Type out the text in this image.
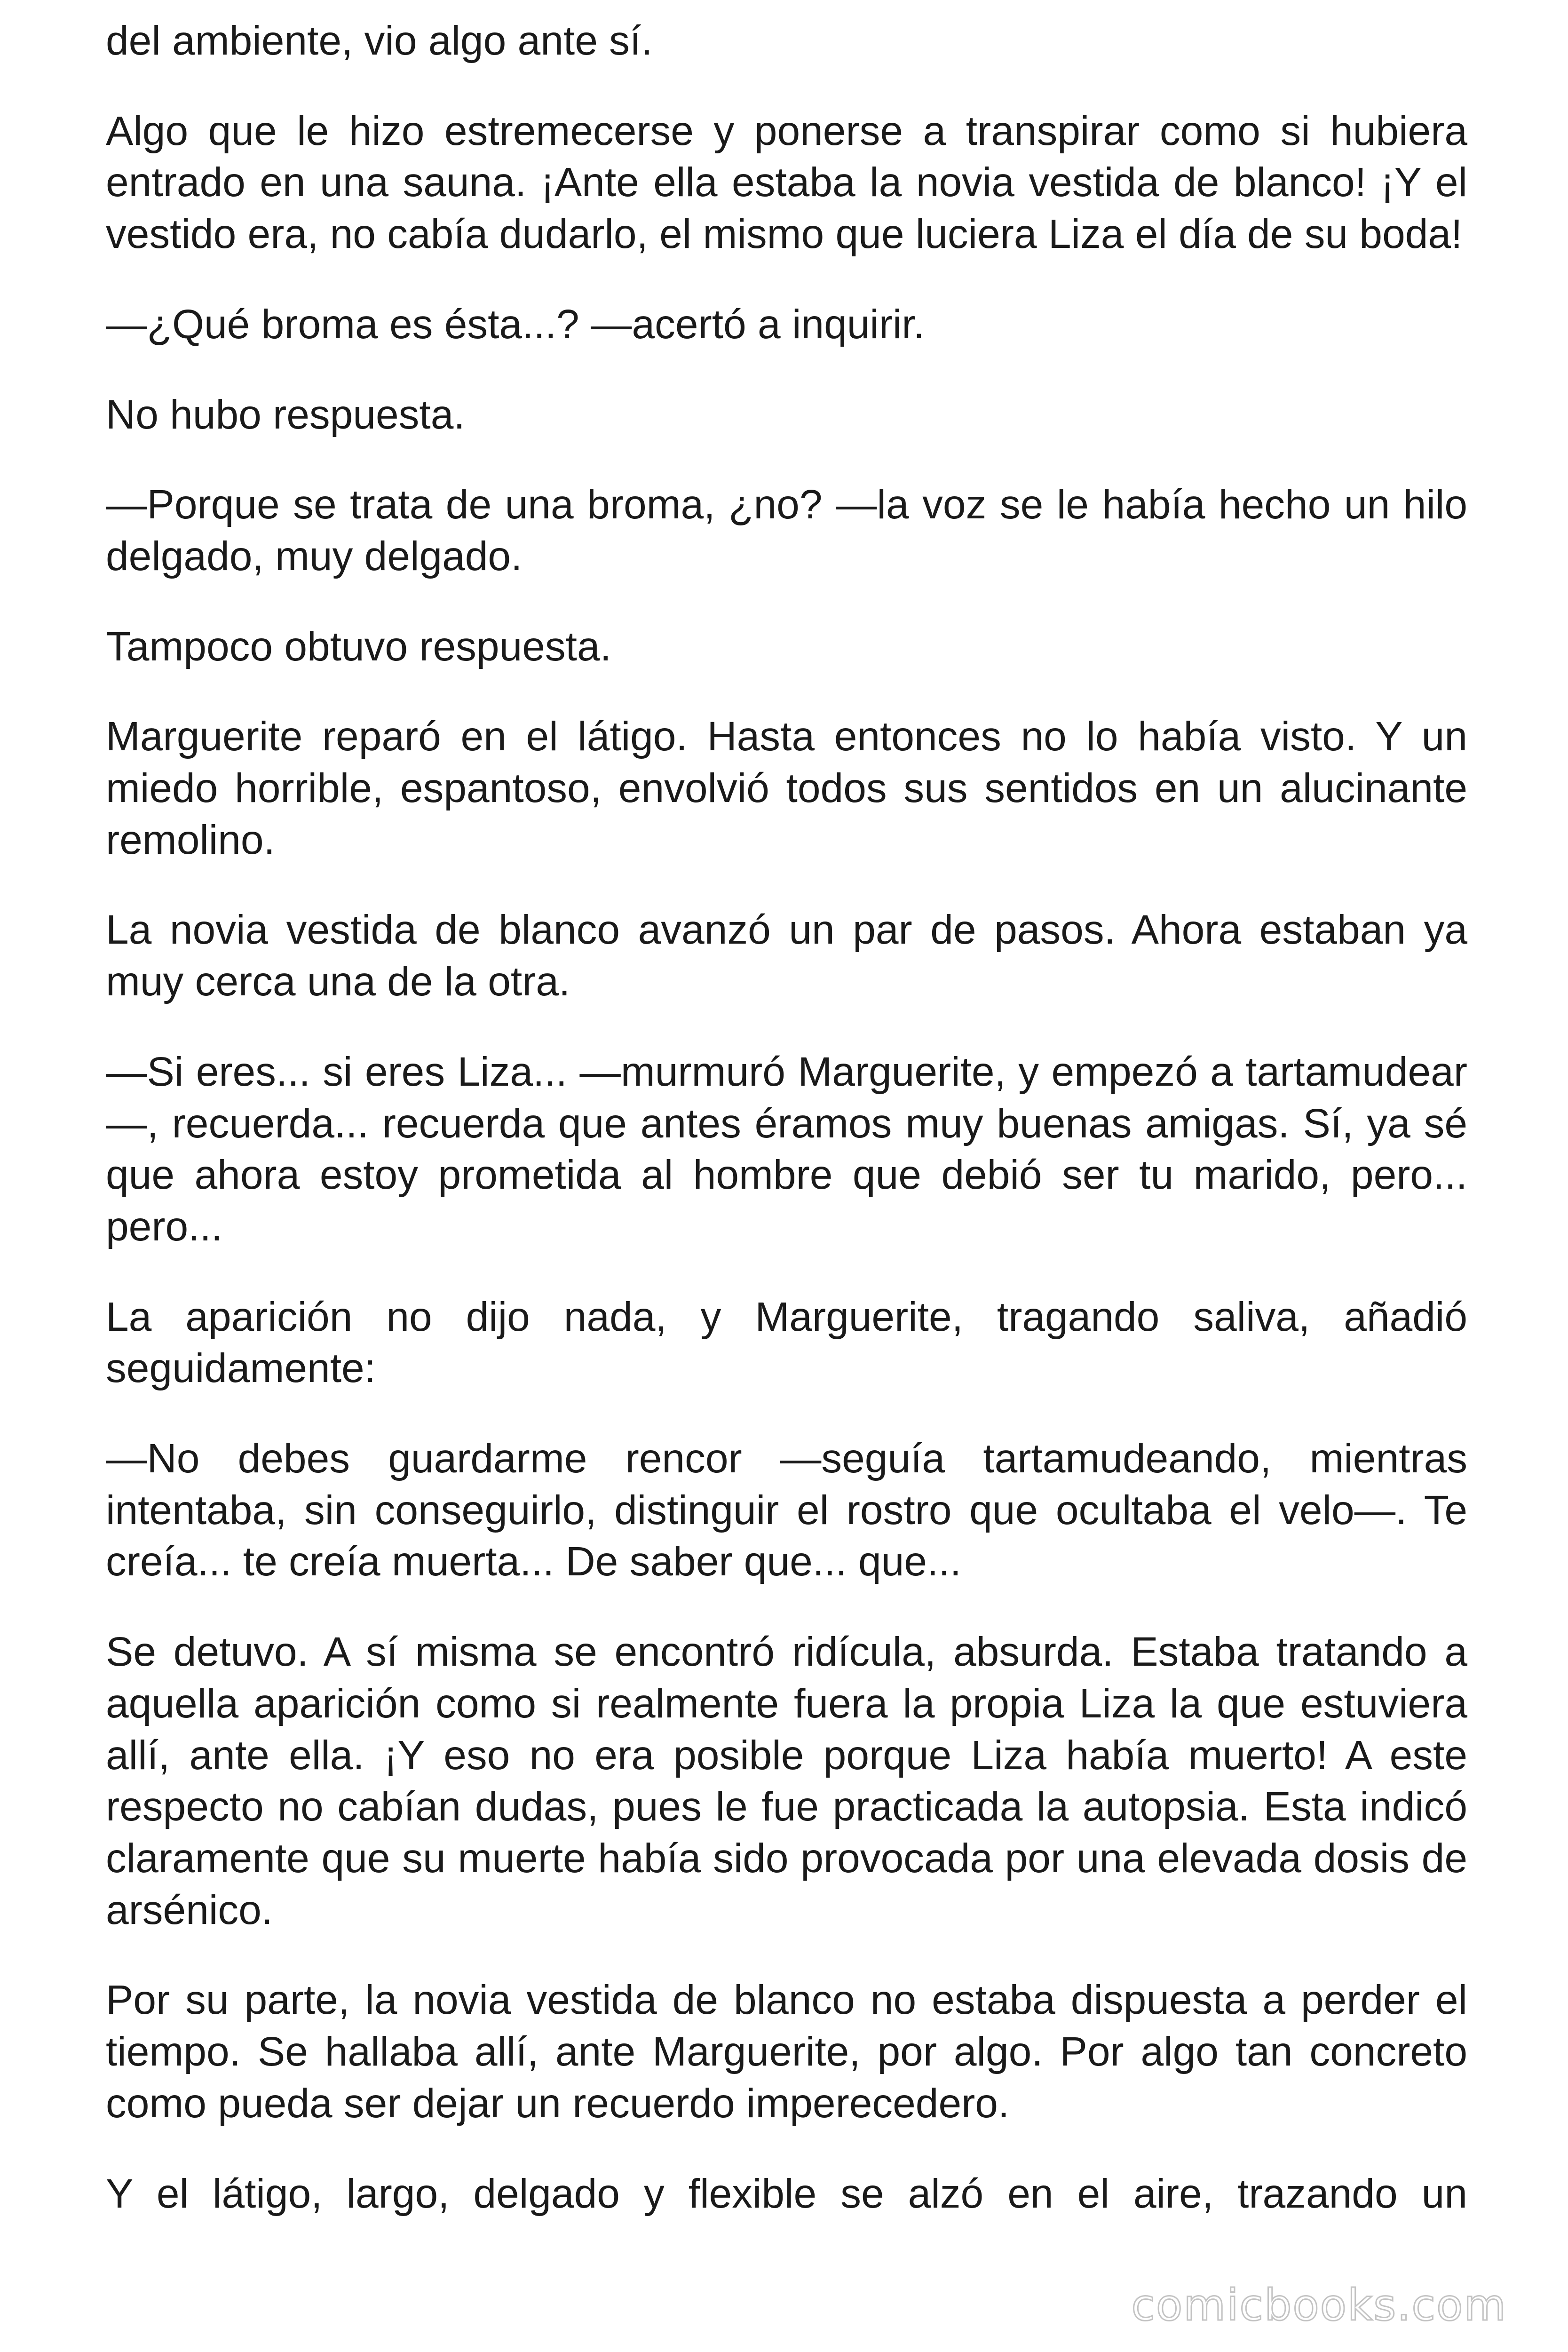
del ambiente, vio algo ante sí.

Algo que le hizo estremecerse y ponerse a transpirar como si hubiera entrado en una sauna. ¡Ante ella estaba la novia vestida de blanco! ¡Y el vestido era, no cabía dudarlo, el mismo que luciera Liza el día de su boda!

—¿Qué broma es ésta...? —acertó a inquirir.

No hubo respuesta.

—Porque se trata de una broma, ¿no? —la voz se le había hecho un hilo delgado, muy delgado.

Tampoco obtuvo respuesta.

Marguerite reparó en el látigo. Hasta entonces no lo había visto. Y un miedo horrible, espantoso, envolvió todos sus sentidos en un alucinante remolino.

La novia vestida de blanco avanzó un par de pasos. Ahora estaban ya muy cerca una de la otra.

—Si eres... si eres Liza... —murmuró Marguerite, y empezó a tartamudear—, recuerda... recuerda que antes éramos muy buenas amigas. Sí, ya sé que ahora estoy prometida al hombre que debió ser tu marido, pero... pero...

La aparición no dijo nada, y Marguerite, tragando saliva, añadió seguidamente:

—No debes guardarme rencor —seguía tartamudeando, mientras intentaba, sin conseguirlo, distinguir el rostro que ocultaba el velo—. Te creía... te creía muerta... De saber que... que...

Se detuvo. A sí misma se encontró ridícula, absurda. Estaba tratando a aquella aparición como si realmente fuera la propia Liza la que estuviera allí, ante ella. ¡Y eso no era posible porque Liza había muerto! A este respecto no cabían dudas, pues le fue practicada la autopsia. Esta indicó claramente que su muerte había sido provocada por una elevada dosis de arsénico.

Por su parte, la novia vestida de blanco no estaba dispuesta a perder el tiempo. Se hallaba allí, ante Marguerite, por algo. Por algo tan concreto como pueda ser dejar un recuerdo imperecedero.

Y el látigo, largo, delgado y flexible se alzó en el aire, trazando un

comicbooks.com
